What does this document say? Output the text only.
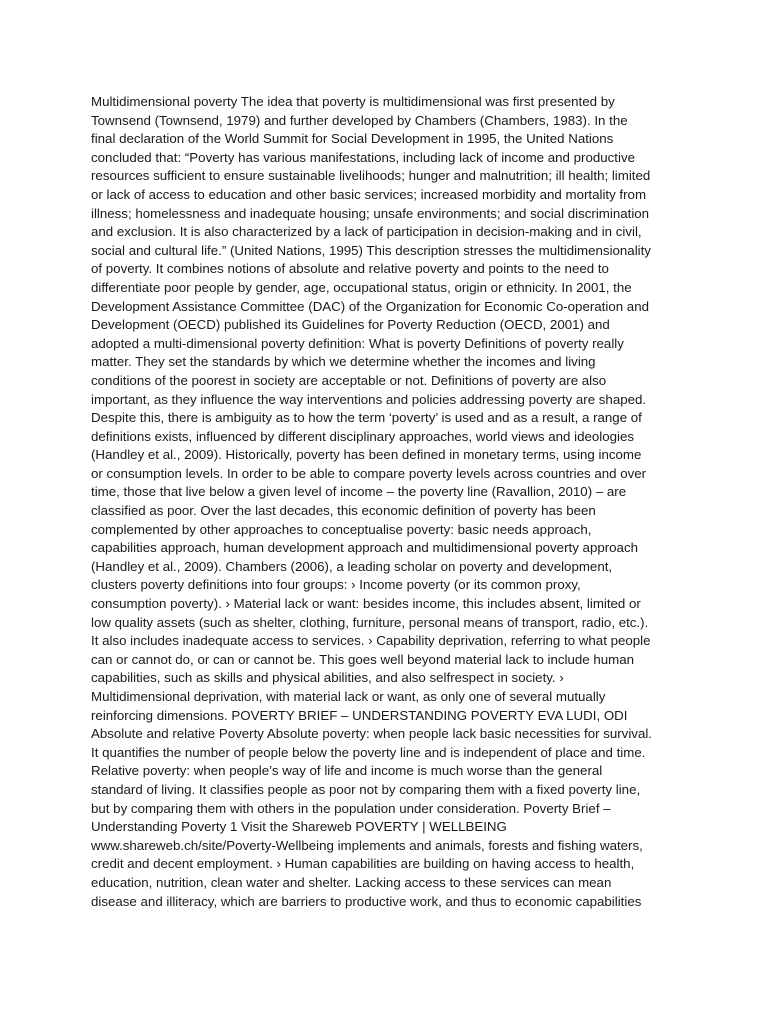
Multidimensional poverty The idea that poverty is multidimensional was first presented by
Townsend (Townsend, 1979) and further developed by Chambers (Chambers, 1983). In the
final declaration of the World Summit for Social Development in 1995, the United Nations
concluded that: “Poverty has various manifestations, including lack of income and productive
resources sufficient to ensure sustainable livelihoods; hunger and malnutrition; ill health; limited
or lack of access to education and other basic services; increased morbidity and mortality from
illness; homelessness and inadequate housing; unsafe environments; and social discrimination
and exclusion. It is also characterized by a lack of participation in decision-making and in civil,
social and cultural life.” (United Nations, 1995) This description stresses the multidimensionality
of poverty. It combines notions of absolute and relative poverty and points to the need to
differentiate poor people by gender, age, occupational status, origin or ethnicity. In 2001, the
Development Assistance Committee (DAC) of the Organization for Economic Co-operation and
Development (OECD) published its Guidelines for Poverty Reduction (OECD, 2001) and
adopted a multi-dimensional poverty definition: What is poverty Definitions of poverty really
matter. They set the standards by which we determine whether the incomes and living
conditions of the poorest in society are acceptable or not. Definitions of poverty are also
important, as they influence the way interventions and policies addressing poverty are shaped.
Despite this, there is ambiguity as to how the term ‘poverty’ is used and as a result, a range of
definitions exists, influenced by different disciplinary approaches, world views and ideologies
(Handley et al., 2009). Historically, poverty has been defined in monetary terms, using income
or consumption levels. In order to be able to compare poverty levels across countries and over
time, those that live below a given level of income – the poverty line (Ravallion, 2010) – are
classified as poor. Over the last decades, this economic definition of poverty has been
complemented by other approaches to conceptualise poverty: basic needs approach,
capabilities approach, human development approach and multidimensional poverty approach
(Handley et al., 2009). Chambers (2006), a leading scholar on poverty and development,
clusters poverty definitions into four groups: › Income poverty (or its common proxy,
consumption poverty). › Material lack or want: besides income, this includes absent, limited or
low quality assets (such as shelter, clothing, furniture, personal means of transport, radio, etc.).
It also includes inadequate access to services. › Capability deprivation, referring to what people
can or cannot do, or can or cannot be. This goes well beyond material lack to include human
capabilities, such as skills and physical abilities, and also selfrespect in society. ›
Multidimensional deprivation, with material lack or want, as only one of several mutually
reinforcing dimensions. POVERTY BRIEF – UNDERSTANDING POVERTY EVA LUDI, ODI
Absolute and relative Poverty Absolute poverty: when people lack basic necessities for survival.
It quantifies the number of people below the poverty line and is independent of place and time.
Relative poverty: when people’s way of life and income is much worse than the general
standard of living. It classifies people as poor not by comparing them with a fixed poverty line,
but by comparing them with others in the population under consideration. Poverty Brief –
Understanding Poverty 1 Visit the Shareweb POVERTY | WELLBEING
www.shareweb.ch/site/Poverty-Wellbeing implements and animals, forests and fishing waters,
credit and decent employment. › Human capabilities are building on having access to health,
education, nutrition, clean water and shelter. Lacking access to these services can mean
disease and illiteracy, which are barriers to productive work, and thus to economic capabilities
